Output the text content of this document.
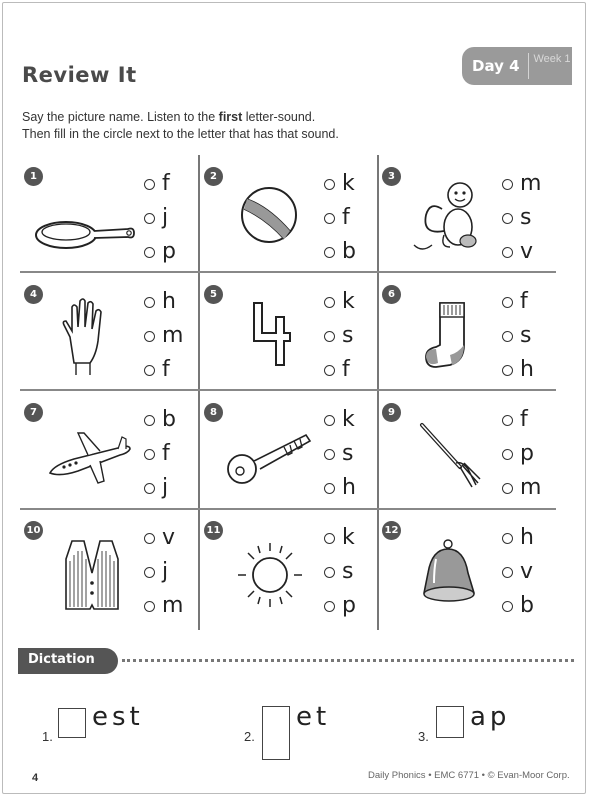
Review It	Day 4 Week 1
Say the picture name. Listen to the first letter-sound.
Then fill in the circle next to the letter that has that sound.
1	f
j
p
2	k
f
b
3	m
s
v
4	h
m
f
5	k
s
f
6	f
s
h
7	b
f
j
8	k
s
h
9	f
p
m
10	v
j
m
11	k
s
p
12	h
v
b
Dictation
1.
est
2.
et
3.
ap
4	Daily Phonics • EMC 6771 • © Evan-Moor Corp.
